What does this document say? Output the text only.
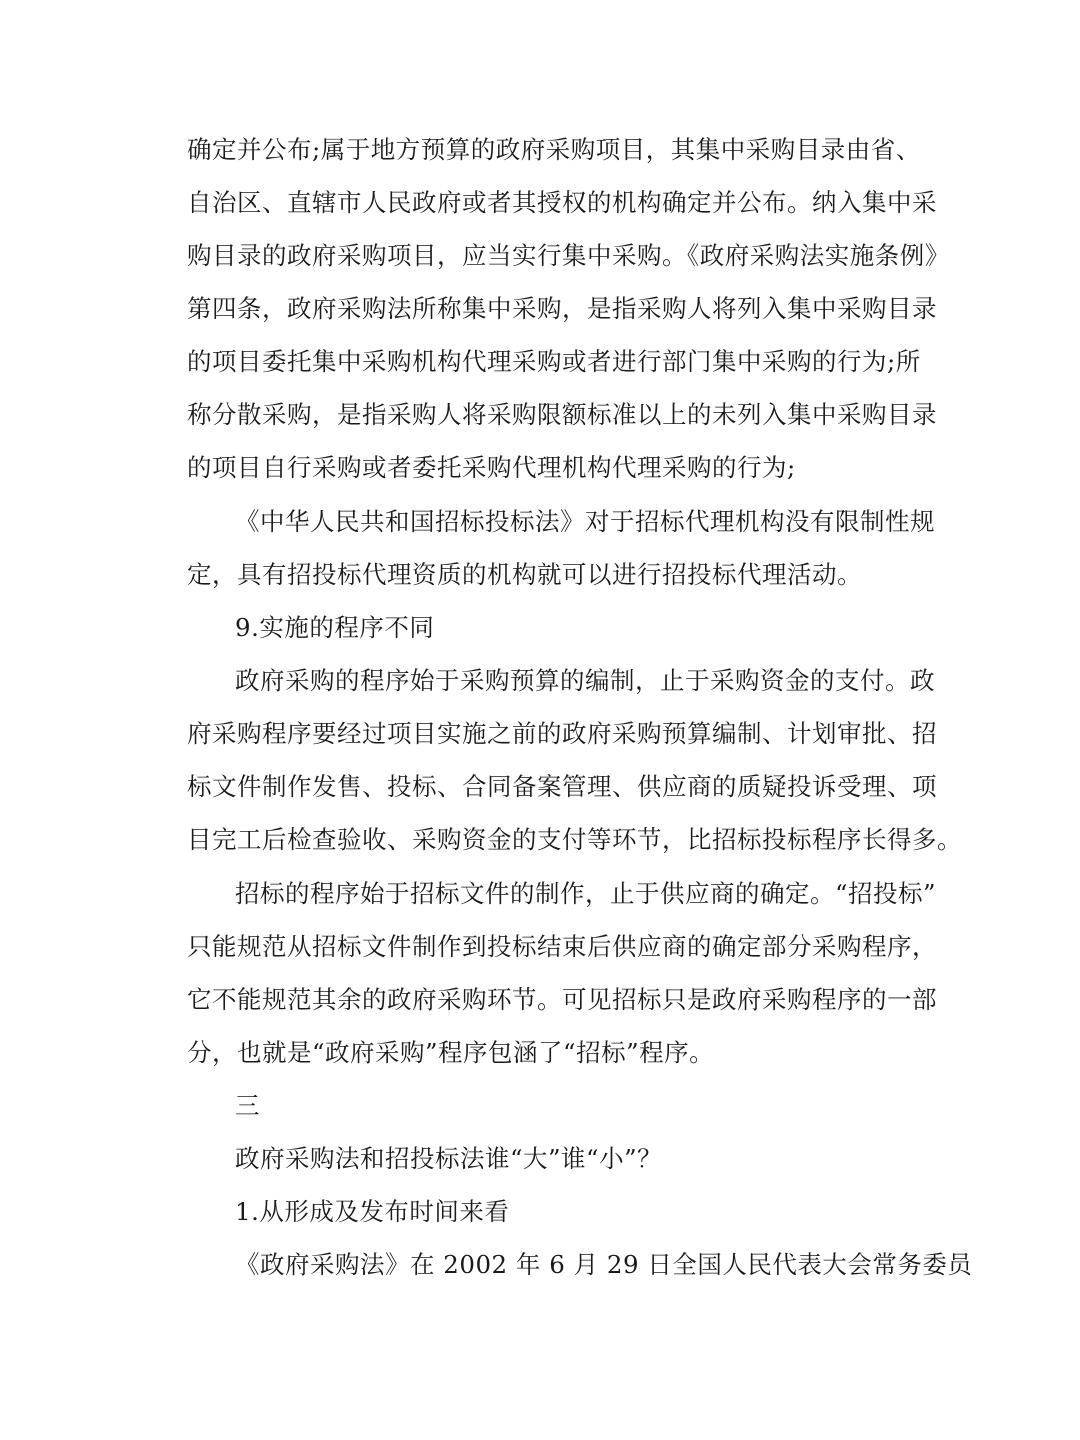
确定并公布;属于地方预算的政府采购项目，其集中采购目录由省、
自治区、直辖市人民政府或者其授权的机构确定并公布。纳入集中采
购目录的政府采购项目，应当实行集中采购。《政府采购法实施条例》
第四条，政府采购法所称集中采购，是指采购人将列入集中采购目录
的项目委托集中采购机构代理采购或者进行部门集中采购的行为;所
称分散采购，是指采购人将采购限额标准以上的未列入集中采购目录
的项目自行采购或者委托采购代理机构代理采购的行为;
《中华人民共和国招标投标法》对于招标代理机构没有限制性规
定，具有招投标代理资质的机构就可以进行招投标代理活动。
9.实施的程序不同
政府采购的程序始于采购预算的编制，止于采购资金的支付。政
府采购程序要经过项目实施之前的政府采购预算编制、计划审批、招
标文件制作发售、投标、合同备案管理、供应商的质疑投诉受理、项
目完工后检查验收、采购资金的支付等环节，比招标投标程序长得多。
招标的程序始于招标文件的制作，止于供应商的确定。“招投标”
只能规范从招标文件制作到投标结束后供应商的确定部分采购程序，
它不能规范其余的政府采购环节。可见招标只是政府采购程序的一部
分，也就是“政府采购”程序包涵了“招标”程序。
三
政府采购法和招投标法谁“大”谁“小”？
1.从形成及发布时间来看
《政府采购法》在 2002 年 6 月 29 日全国人民代表大会常务委员
